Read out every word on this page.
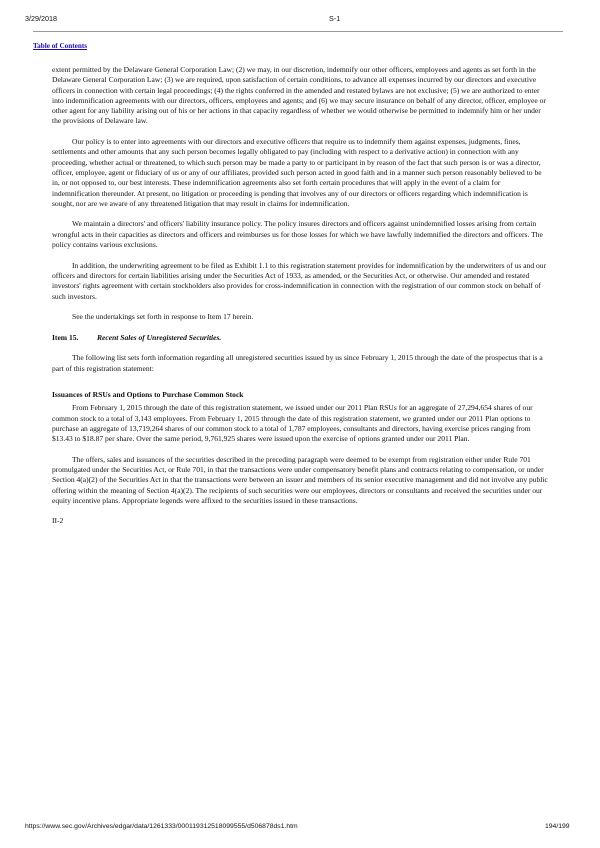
3/29/2018	S-1
Table of Contents

extent permitted by the Delaware General Corporation Law; (2) we may, in our discretion, indemnify our other officers, employees and agents as set forth in the Delaware General Corporation Law; (3) we are required, upon satisfaction of certain conditions, to advance all expenses incurred by our directors and executive officers in connection with certain legal proceedings; (4) the rights conferred in the amended and restated bylaws are not exclusive; (5) we are authorized to enter into indemnification agreements with our directors, officers, employees and agents; and (6) we may secure insurance on behalf of any director, officer, employee or other agent for any liability arising out of his or her actions in that capacity regardless of whether we would otherwise be permitted to indemnify him or her under the provisions of Delaware law.

Our policy is to enter into agreements with our directors and executive officers that require us to indemnify them against expenses, judgments, fines, settlements and other amounts that any such person becomes legally obligated to pay (including with respect to a derivative action) in connection with any proceeding, whether actual or threatened, to which such person may be made a party to or participant in by reason of the fact that such person is or was a director, officer, employee, agent or fiduciary of us or any of our affiliates, provided such person acted in good faith and in a manner such person reasonably believed to be in, or not opposed to, our best interests. These indemnification agreements also set forth certain procedures that will apply in the event of a claim for indemnification thereunder. At present, no litigation or proceeding is pending that involves any of our directors or officers regarding which indemnification is sought, nor are we aware of any threatened litigation that may result in claims for indemnification.

We maintain a directors' and officers' liability insurance policy. The policy insures directors and officers against unindemnified losses arising from certain wrongful acts in their capacities as directors and officers and reimburses us for those losses for which we have lawfully indemnified the directors and officers. The policy contains various exclusions.

In addition, the underwriting agreement to be filed as Exhibit 1.1 to this registration statement provides for indemnification by the underwriters of us and our officers and directors for certain liabilities arising under the Securities Act of 1933, as amended, or the Securities Act, or otherwise. Our amended and restated investors' rights agreement with certain stockholders also provides for cross-indemnification in connection with the registration of our common stock on behalf of such investors.

See the undertakings set forth in response to Item 17 herein.

Item 15. Recent Sales of Unregistered Securities.

The following list sets forth information regarding all unregistered securities issued by us since February 1, 2015 through the date of the prospectus that is a part of this registration statement:

Issuances of RSUs and Options to Purchase Common Stock

From February 1, 2015 through the date of this registration statement, we issued under our 2011 Plan RSUs for an aggregate of 27,294,654 shares of our common stock to a total of 3,143 employees. From February 1, 2015 through the date of this registration statement, we granted under our 2011 Plan options to purchase an aggregate of 13,719,264 shares of our common stock to a total of 1,787 employees, consultants and directors, having exercise prices ranging from $13.43 to $18.87 per share. Over the same period, 9,761,925 shares were issued upon the exercise of options granted under our 2011 Plan.

The offers, sales and issuances of the securities described in the preceding paragraph were deemed to be exempt from registration either under Rule 701 promulgated under the Securities Act, or Rule 701, in that the transactions were under compensatory benefit plans and contracts relating to compensation, or under Section 4(a)(2) of the Securities Act in that the transactions were between an issuer and members of its senior executive management and did not involve any public offering within the meaning of Section 4(a)(2). The recipients of such securities were our employees, directors or consultants and received the securities under our equity incentive plans. Appropriate legends were affixed to the securities issued in these transactions.

II-2

https://www.sec.gov/Archives/edgar/data/1261333/000119312518099555/d506878ds1.htm	194/199
